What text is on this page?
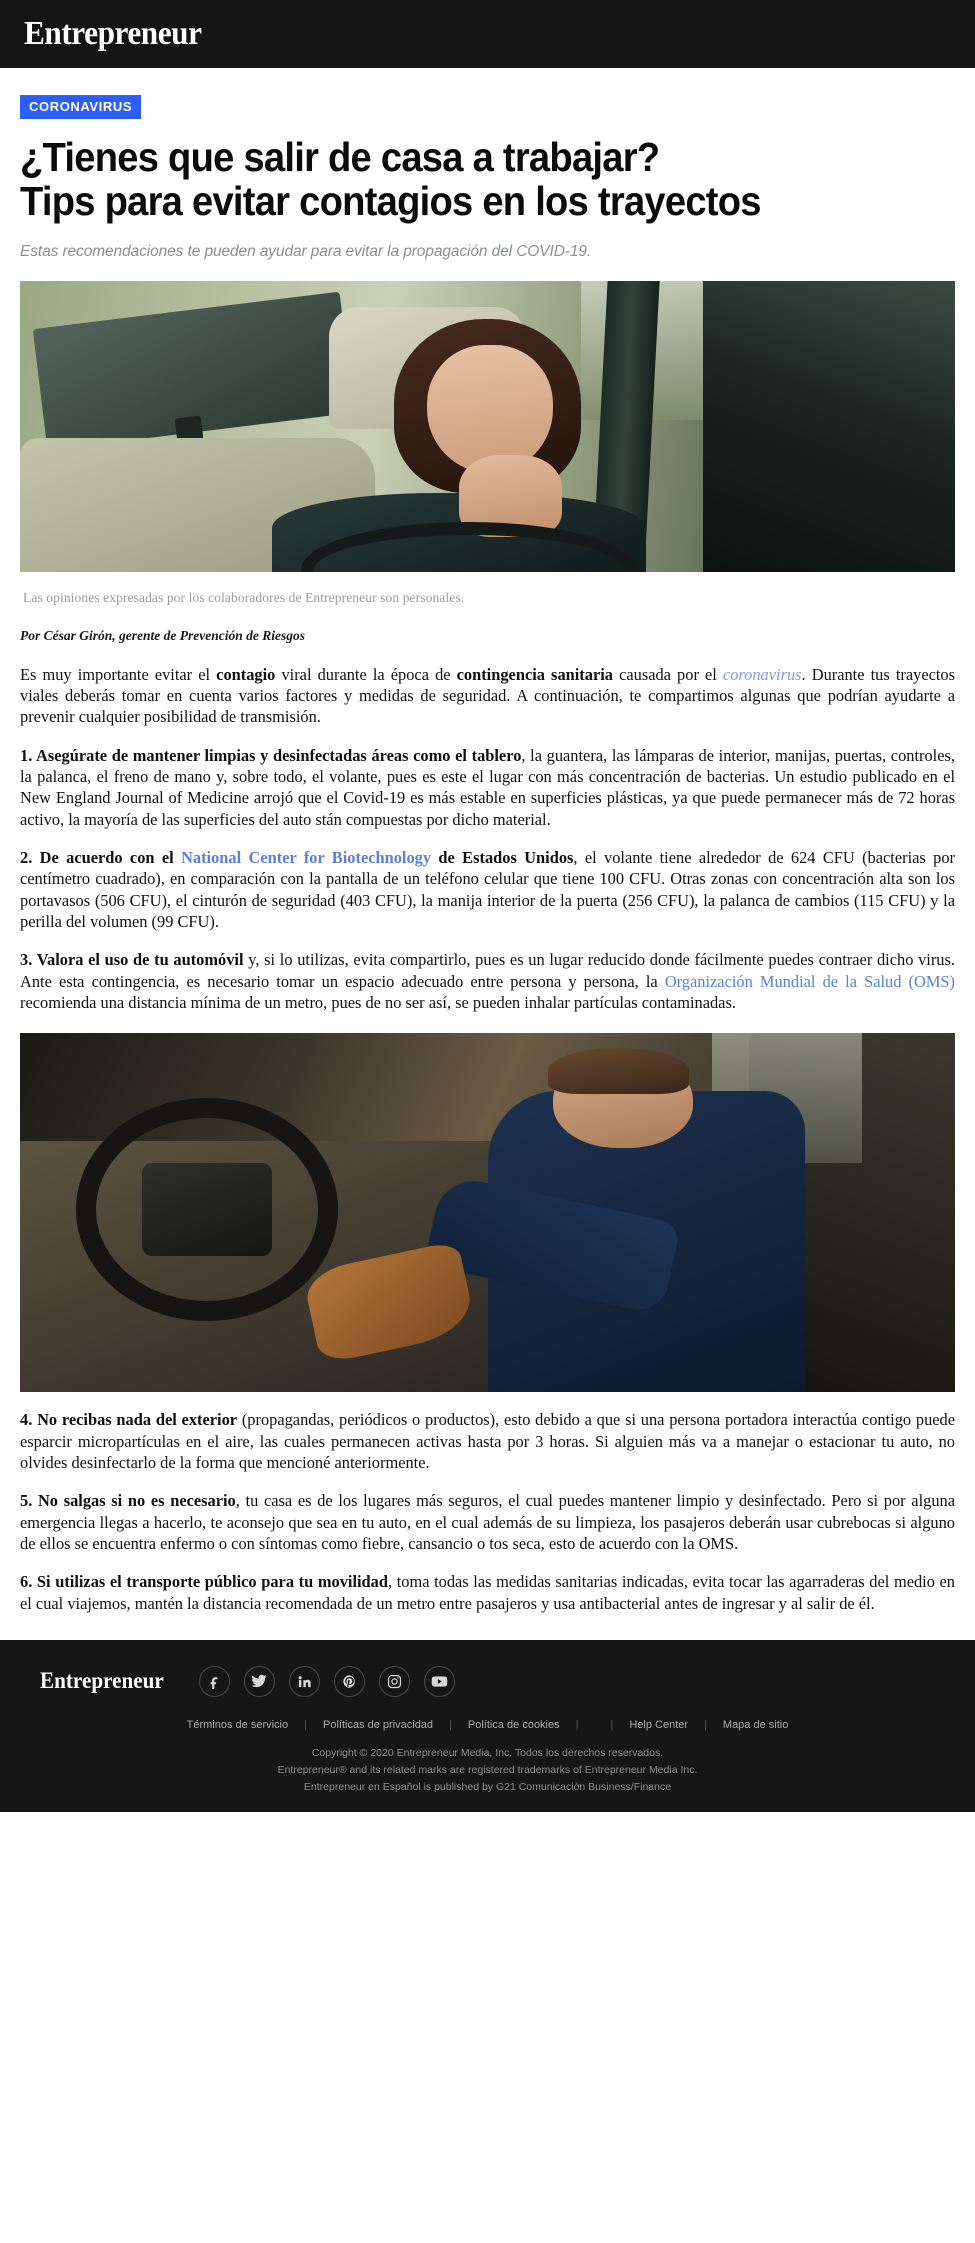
Entrepreneur
CORONAVIRUS
¿Tienes que salir de casa a trabajar?
Tips para evitar contagios en los trayectos

Estas recomendaciones te pueden ayudar para evitar la propagación del COVID-19.

Las opiniones expresadas por los colaboradores de Entrepreneur son personales.
Por César Girón, gerente de Prevención de Riesgos

Es muy importante evitar el contagio viral durante la época de contingencia sanitaria causada por el coronavirus. Durante tus trayectos viales deberás tomar en cuenta varios factores y medidas de seguridad. A continuación, te compartimos algunas que podrían ayudarte a prevenir cualquier posibilidad de transmisión.

1. Asegúrate de mantener limpias y desinfectadas áreas como el tablero, la guantera, las lámparas de interior, manijas, puertas, controles, la palanca, el freno de mano y, sobre todo, el volante, pues es este el lugar con más concentración de bacterias. Un estudio publicado en el New England Journal of Medicine arrojó que el Covid-19 es más estable en superficies plásticas, ya que puede permanecer más de 72 horas activo, la mayoría de las superficies del auto stán compuestas por dicho material.

2. De acuerdo con el National Center for Biotechnology de Estados Unidos, el volante tiene alrededor de 624 CFU (bacterias por centímetro cuadrado), en comparación con la pantalla de un teléfono celular que tiene 100 CFU. Otras zonas con concentración alta son los portavasos (506 CFU), el cinturón de seguridad (403 CFU), la manija interior de la puerta (256 CFU), la palanca de cambios (115 CFU) y la perilla del volumen (99 CFU).

3. Valora el uso de tu automóvil y, si lo utilizas, evita compartirlo, pues es un lugar reducido donde fácilmente puedes contraer dicho virus. Ante esta contingencia, es necesario tomar un espacio adecuado entre persona y persona, la Organización Mundial de la Salud (OMS) recomienda una distancia mínima de un metro, pues de no ser así, se pueden inhalar partículas contaminadas.

4. No recibas nada del exterior (propagandas, periódicos o productos), esto debido a que si una persona portadora interactúa contigo puede esparcir micropartículas en el aire, las cuales permanecen activas hasta por 3 horas. Si alguien más va a manejar o estacionar tu auto, no olvides desinfectarlo de la forma que mencioné anteriormente.

5. No salgas si no es necesario, tu casa es de los lugares más seguros, el cual puedes mantener limpio y desinfectado. Pero si por alguna emergencia llegas a hacerlo, te aconsejo que sea en tu auto, en el cual además de su limpieza, los pasajeros deberán usar cubrebocas si alguno de ellos se encuentra enfermo o con síntomas como fiebre, cansancio o tos seca, esto de acuerdo con la OMS.

6. Si utilizas el transporte público para tu movilidad, toma todas las medidas sanitarias indicadas, evita tocar las agarraderas del medio en el cual viajemos, mantén la distancia recomendada de un metro entre pasajeros y usa antibacterial antes de ingresar y al salir de él.

Entrepreneur
Términos de servicio	|	Políticas de privacidad	|	Política de cookies	|	|	Help Center	|	Mapa de sitio
Copyright © 2020 Entrepreneur Media, Inc. Todos los derechos reservados.
Entrepreneur® and its related marks are registered trademarks of Entrepreneur Media Inc.
Entrepreneur en Español is published by G21 Comunicación Business/Finance
